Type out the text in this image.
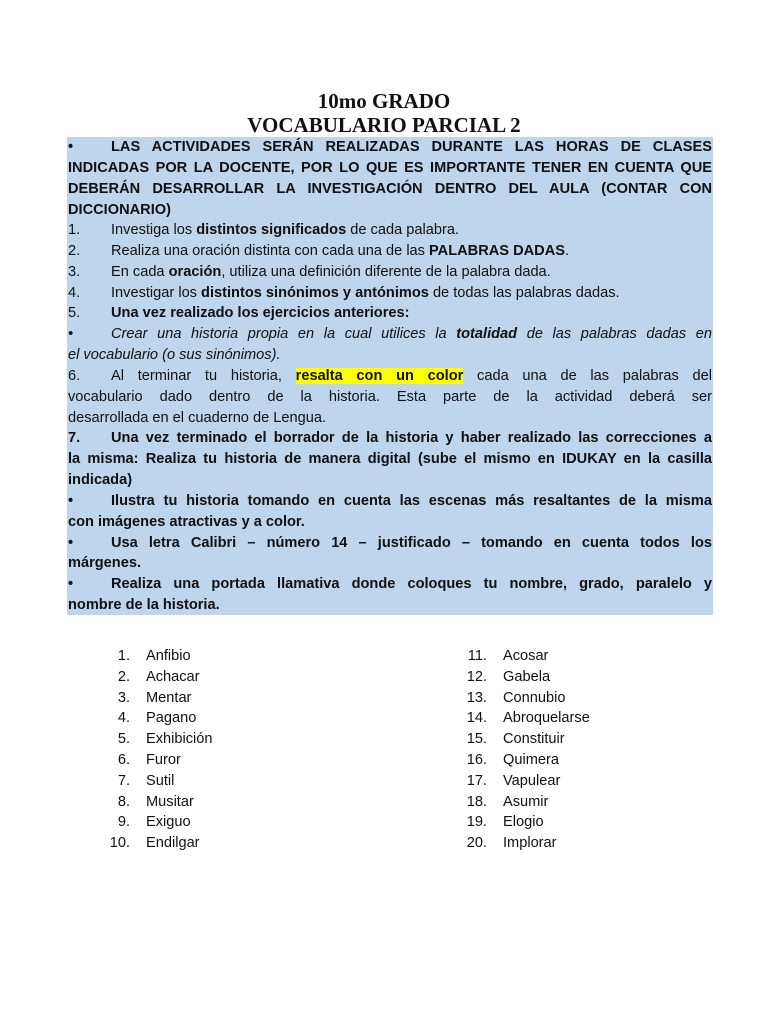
10mo GRADO
VOCABULARIO PARCIAL 2
•	LAS ACTIVIDADES SERÁN REALIZADAS DURANTE LAS HORAS DE CLASES
INDICADAS POR LA DOCENTE, POR LO QUE ES IMPORTANTE TENER EN CUENTA QUE
DEBERÁN DESARROLLAR LA INVESTIGACIÓN DENTRO DEL AULA (CONTAR CON
DICCIONARIO)
1. Investiga los distintos significados de cada palabra.
2. Realiza una oración distinta con cada una de las PALABRAS DADAS.
3. En cada oración, utiliza una definición diferente de la palabra dada.
4. Investigar los distintos sinónimos y antónimos de todas las palabras dadas.
5. Una vez realizado los ejercicios anteriores:
•	Crear una historia propia en la cual utilices la totalidad de las palabras dadas en
el vocabulario (o sus sinónimos).
6. Al terminar tu historia, resalta con un color cada una de las palabras del
vocabulario dado dentro de la historia. Esta parte de la actividad deberá ser
desarrollada en el cuaderno de Lengua.
7. Una vez terminado el borrador de la historia y haber realizado las correcciones a
la misma: Realiza tu historia de manera digital (sube el mismo en IDUKAY en la casilla
indicada)
•	Ilustra tu historia tomando en cuenta las escenas más resaltantes de la misma
con imágenes atractivas y a color.
•	Usa letra Calibri – número 14 – justificado – tomando en cuenta todos los
márgenes.
•	Realiza una portada llamativa donde coloques tu nombre, grado, paralelo y
nombre de la historia.
1. Anfibio
2. Achacar
3. Mentar
4. Pagano
5. Exhibición
6. Furor
7. Sutil
8. Musitar
9. Exiguo
10. Endilgar
11. Acosar
12. Gabela
13. Connubio
14. Abroquelarse
15. Constituir
16. Quimera
17. Vapulear
18. Asumir
19. Elogio
20. Implorar
